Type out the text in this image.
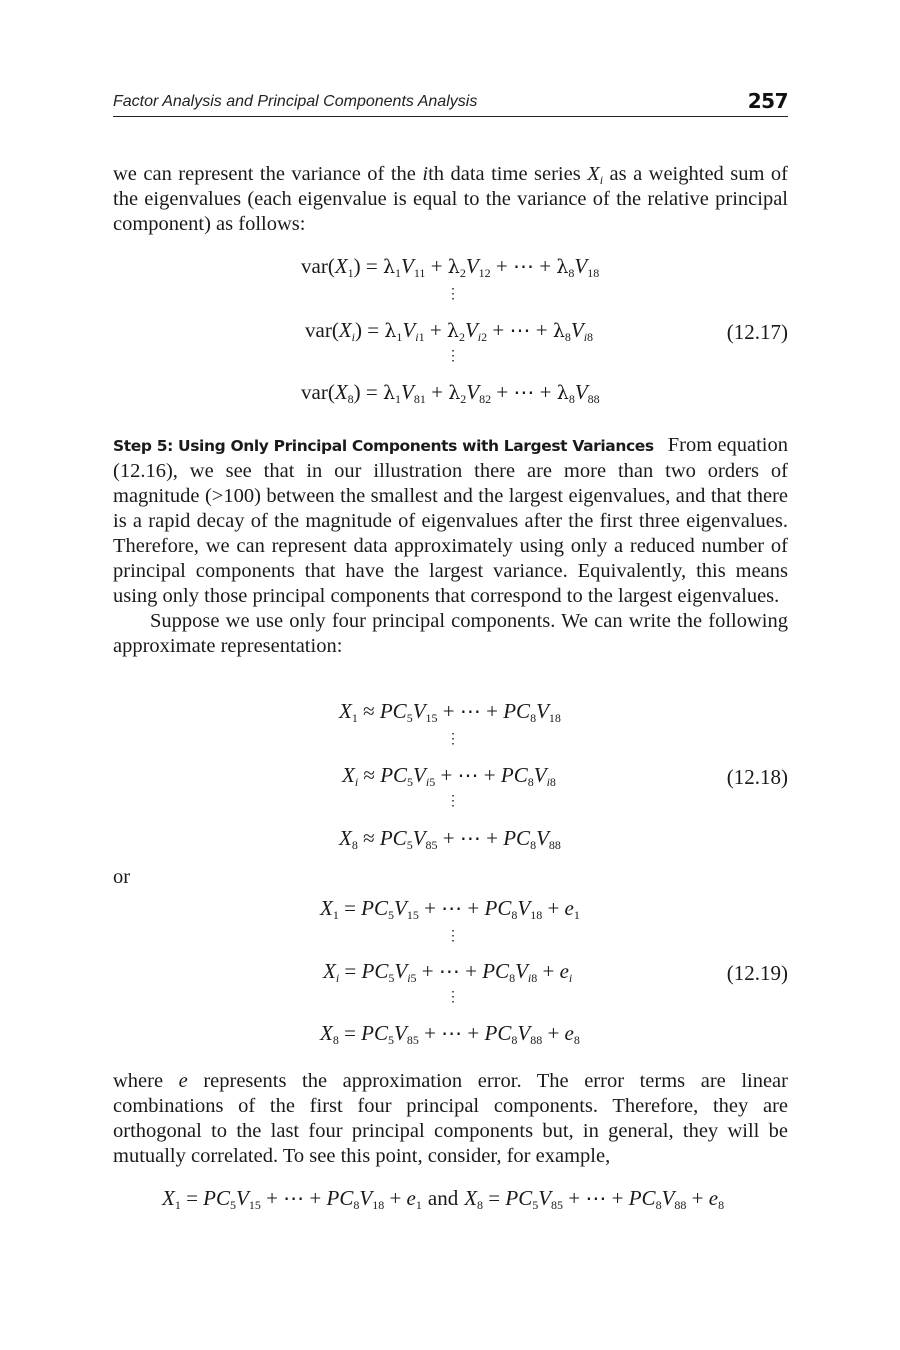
Factor Analysis and Principal Components Analysis	257

we can represent the variance of the ith data time series $X_i$ as a weighted sum of the eigenvalues (each eigenvalue is equal to the variance of the relative principal component) as follows:

$var(X_1) = \lambda_1V_{11} + \lambda_2V_{12}$ + ⋯ + $\lambda_8V_{18}$
⋮
$var(X_i) = \lambda_1V_{i1} + \lambda_2V_{i2}$ + ⋯ + $\lambda_8V_{i8}$	(12.17)
⋮
$var(X_8) = \lambda_1V_{81} + \lambda_2V_{82}$ + ⋯ + $\lambda_8V_{88}$

Step 5: Using Only Principal Components with Largest Variances From equation (12.16), we see that in our illustration there are more than two orders of magnitude (>100) between the smallest and the largest eigenvalues, and that there is a rapid decay of the magnitude of eigenvalues after the first three eigenvalues. Therefore, we can represent data approximately using only a reduced number of principal components that have the largest variance. Equivalently, this means using only those principal components that correspond to the largest eigenvalues.

Suppose we use only four principal components. We can write the following approximate representation:

$X_1 \approx PC_5V_{15}$ + ⋯ + $PC_8V_{18}$
⋮
$X_i \approx PC_5V_{i5}$ + ⋯ + $PC_8V_{i8}$	(12.18)
⋮
$X_8 \approx PC_5V_{85}$ + ⋯ + $PC_8V_{88}$
or
$X_1 = PC_5V_{15}$ + ⋯ + $PC_8V_{18} + e_1$
⋮
$X_i = PC_5V_{i5}$ + ⋯ + $PC_8V_{i8} + e_i$	(12.19)
⋮
$X_8 = PC_5V_{85}$ + ⋯ + $PC_8V_{88} + e_8$

where e represents the approximation error. The error terms are linear combinations of the first four principal components. Therefore, they are orthogonal to the last four principal components but, in general, they will be mutually correlated. To see this point, consider, for example,

$X_1 = PC_5V_{15}$ + ⋯ + $PC_8V_{18} + e_1$ and $X_8 = PC_5V_{85}$ + ⋯ + $PC_8V_{88} + e_8$
